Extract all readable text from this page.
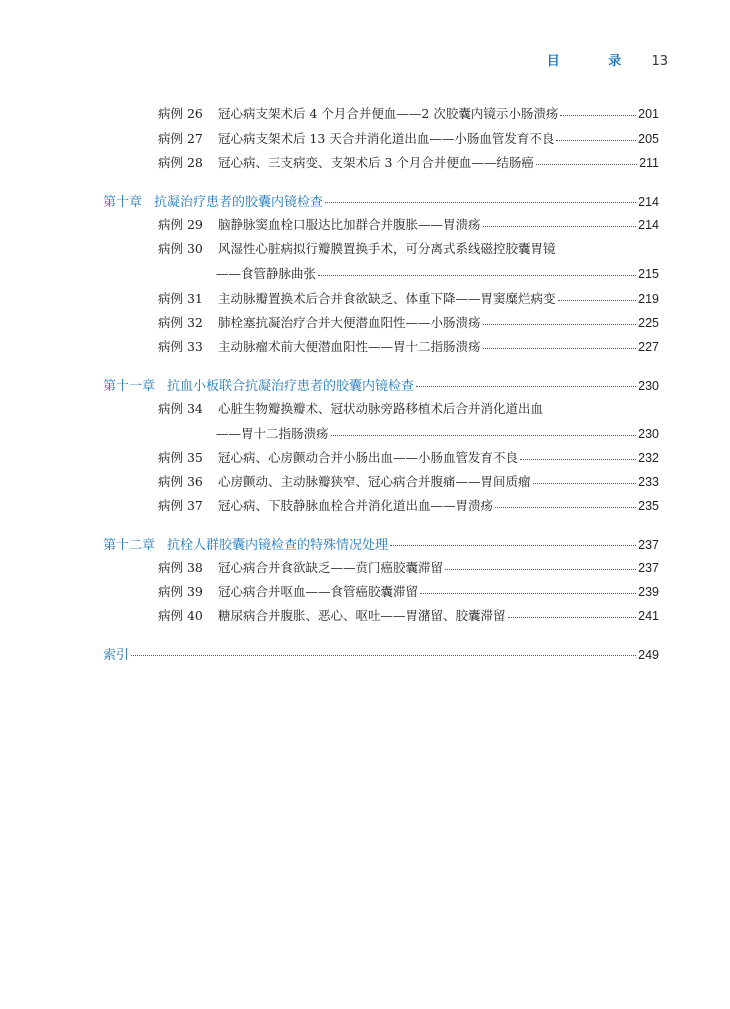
目 录 13
病例 26	冠心病支架术后 4 个月合并便血——2 次胶囊内镜示小肠溃疡	201
病例 27	冠心病支架术后 13 天合并消化道出血——小肠血管发育不良	205
病例 28	冠心病、三支病变、支架术后 3 个月合并便血——结肠癌	211
第十章 抗凝治疗患者的胶囊内镜检查	214
病例 29	脑静脉窦血栓口服达比加群合并腹胀——胃溃疡	214
病例 30	风湿性心脏病拟行瓣膜置换手术，可分离式系线磁控胶囊胃镜
——食管静脉曲张	215
病例 31	主动脉瓣置换术后合并食欲缺乏、体重下降——胃窦糜烂病变	219
病例 32	肺栓塞抗凝治疗合并大便潜血阳性——小肠溃疡	225
病例 33	主动脉瘤术前大便潜血阳性——胃十二指肠溃疡	227
第十一章 抗血小板联合抗凝治疗患者的胶囊内镜检查	230
病例 34	心脏生物瓣换瓣术、冠状动脉旁路移植术后合并消化道出血
——胃十二指肠溃疡	230
病例 35	冠心病、心房颤动合并小肠出血——小肠血管发育不良	232
病例 36	心房颤动、主动脉瓣狭窄、冠心病合并腹痛——胃间质瘤	233
病例 37	冠心病、下肢静脉血栓合并消化道出血——胃溃疡	235
第十二章 抗栓人群胶囊内镜检查的特殊情况处理	237
病例 38	冠心病合并食欲缺乏——贲门癌胶囊滞留	237
病例 39	冠心病合并呕血——食管癌胶囊滞留	239
病例 40	糖尿病合并腹胀、恶心、呕吐——胃潴留、胶囊滞留	241
索引	249
